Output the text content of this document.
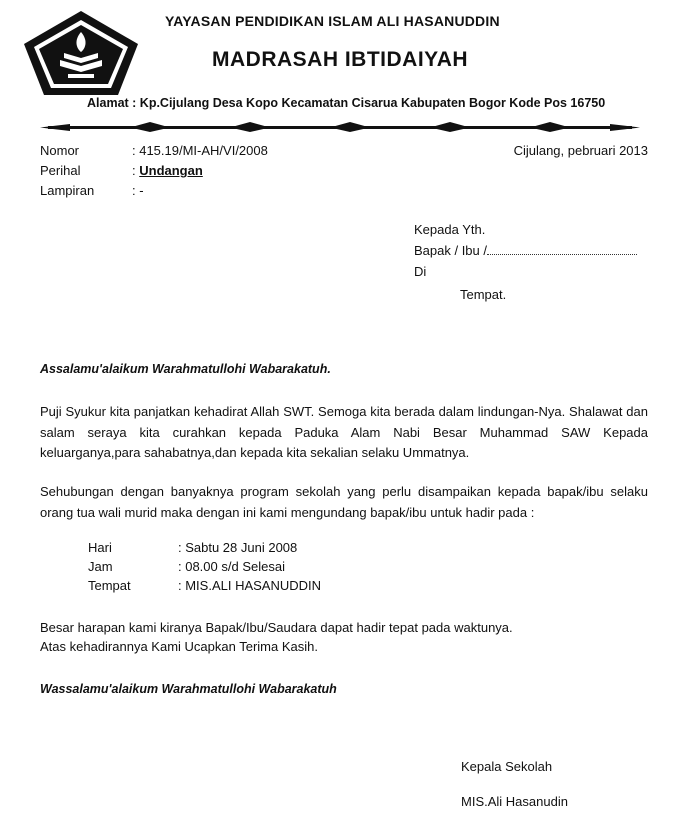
YAYASAN PENDIDIKAN ISLAM ALI HASANUDDIN
MADRASAH IBTIDAIYAH
Alamat : Kp.Cijulang Desa Kopo Kecamatan Cisarua Kabupaten Bogor Kode Pos 16750
Nomor	: 415.19/MI-AH/VI/2008	Cijulang, pebruari 2013
Perihal	: Undangan
Lampiran	: -
Kepada Yth.
Bapak / Ibu /
Di
Tempat.
Assalamu'alaikum Warahmatullohi Wabarakatuh.
Puji Syukur kita panjatkan kehadirat Allah SWT. Semoga kita berada dalam lindungan-Nya. Shalawat dan salam seraya kita curahkan kepada Paduka Alam Nabi Besar Muhammad SAW Kepada keluarganya,para sahabatnya,dan kepada kita sekalian selaku Ummatnya.
Sehubungan dengan banyaknya program sekolah yang perlu disampaikan kepada bapak/ibu selaku orang tua wali murid maka dengan ini kami mengundang bapak/ibu untuk hadir pada :
Hari	: Sabtu 28 Juni 2008
Jam	: 08.00 s/d Selesai
Tempat	: MIS.ALI HASANUDDIN
Besar harapan kami kiranya Bapak/Ibu/Saudara dapat hadir tepat pada waktunya.
Atas kehadirannya Kami Ucapkan Terima Kasih.
Wassalamu'alaikum Warahmatullohi Wabarakatuh
Kepala Sekolah
MIS.Ali Hasanudin
